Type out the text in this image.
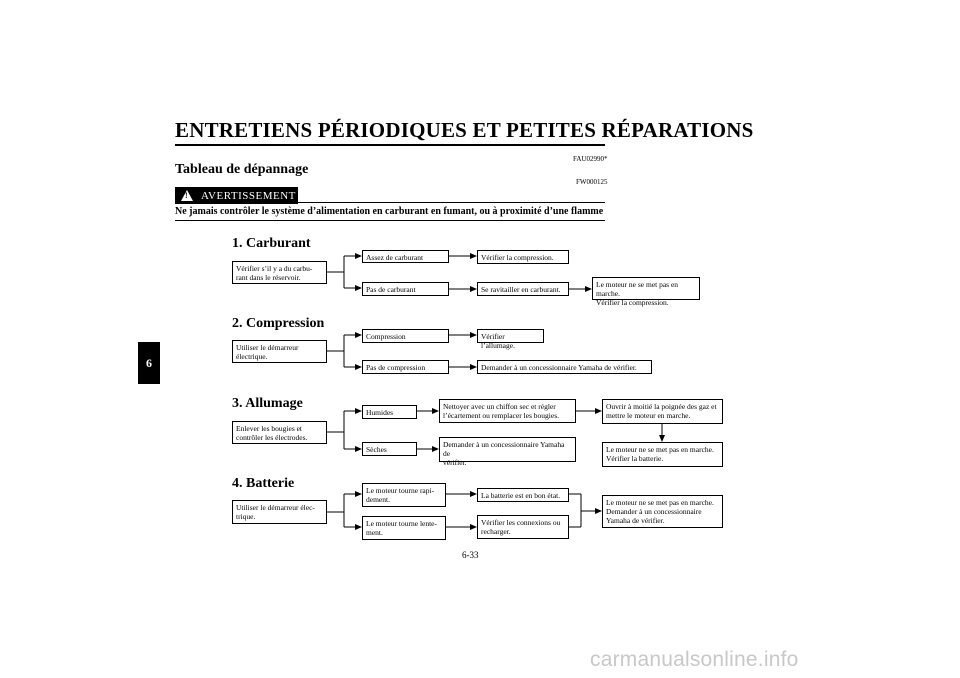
ENTRETIENS PÉRIODIQUES ET PETITES RÉPARATIONS
FAU02990*
Tableau de dépannage
FW000125
! AVERTISSEMENT
Ne jamais contrôler le système d’alimentation en carburant en fumant, ou à proximité d’une flamme
6
1. Carburant
Vérifier s’il y a du carbu-
rant dans le réservoir.
Assez de carburant
Pas de carburant
Vérifier la compression.
Se ravitailler en carburant.
Le moteur ne se met pas en marche.
Vérifier la compression.
2. Compression
Utiliser le démarreur
électrique.
Compression
Pas de compression
Vérifier l’allumage.
Demander à un concessionnaire Yamaha de vérifier.
3. Allumage
Enlever les bougies et
contrôler les électrodes.
Humides
Sèches
Nettoyer avec un chiffon sec et régler
l’écartement ou remplacer les bougies.
Demander à un concessionnaire Yamaha de
vérifier.
Ouvrir à moitié la poignée des gaz et
mettre le moteur en marche.
Le moteur ne se met pas en marche.
Vérifier la batterie.
4. Batterie
Utiliser le démarreur élec-
trique.
Le moteur tourne rapi-
dement.
Le moteur tourne lente-
ment.
La batterie est en bon état.
Vérifier les connexions ou
recharger.
Le moteur ne se met pas en marche.
Demander à un concessionnaire
Yamaha de vérifier.
6-33
carmanualsonline.info
